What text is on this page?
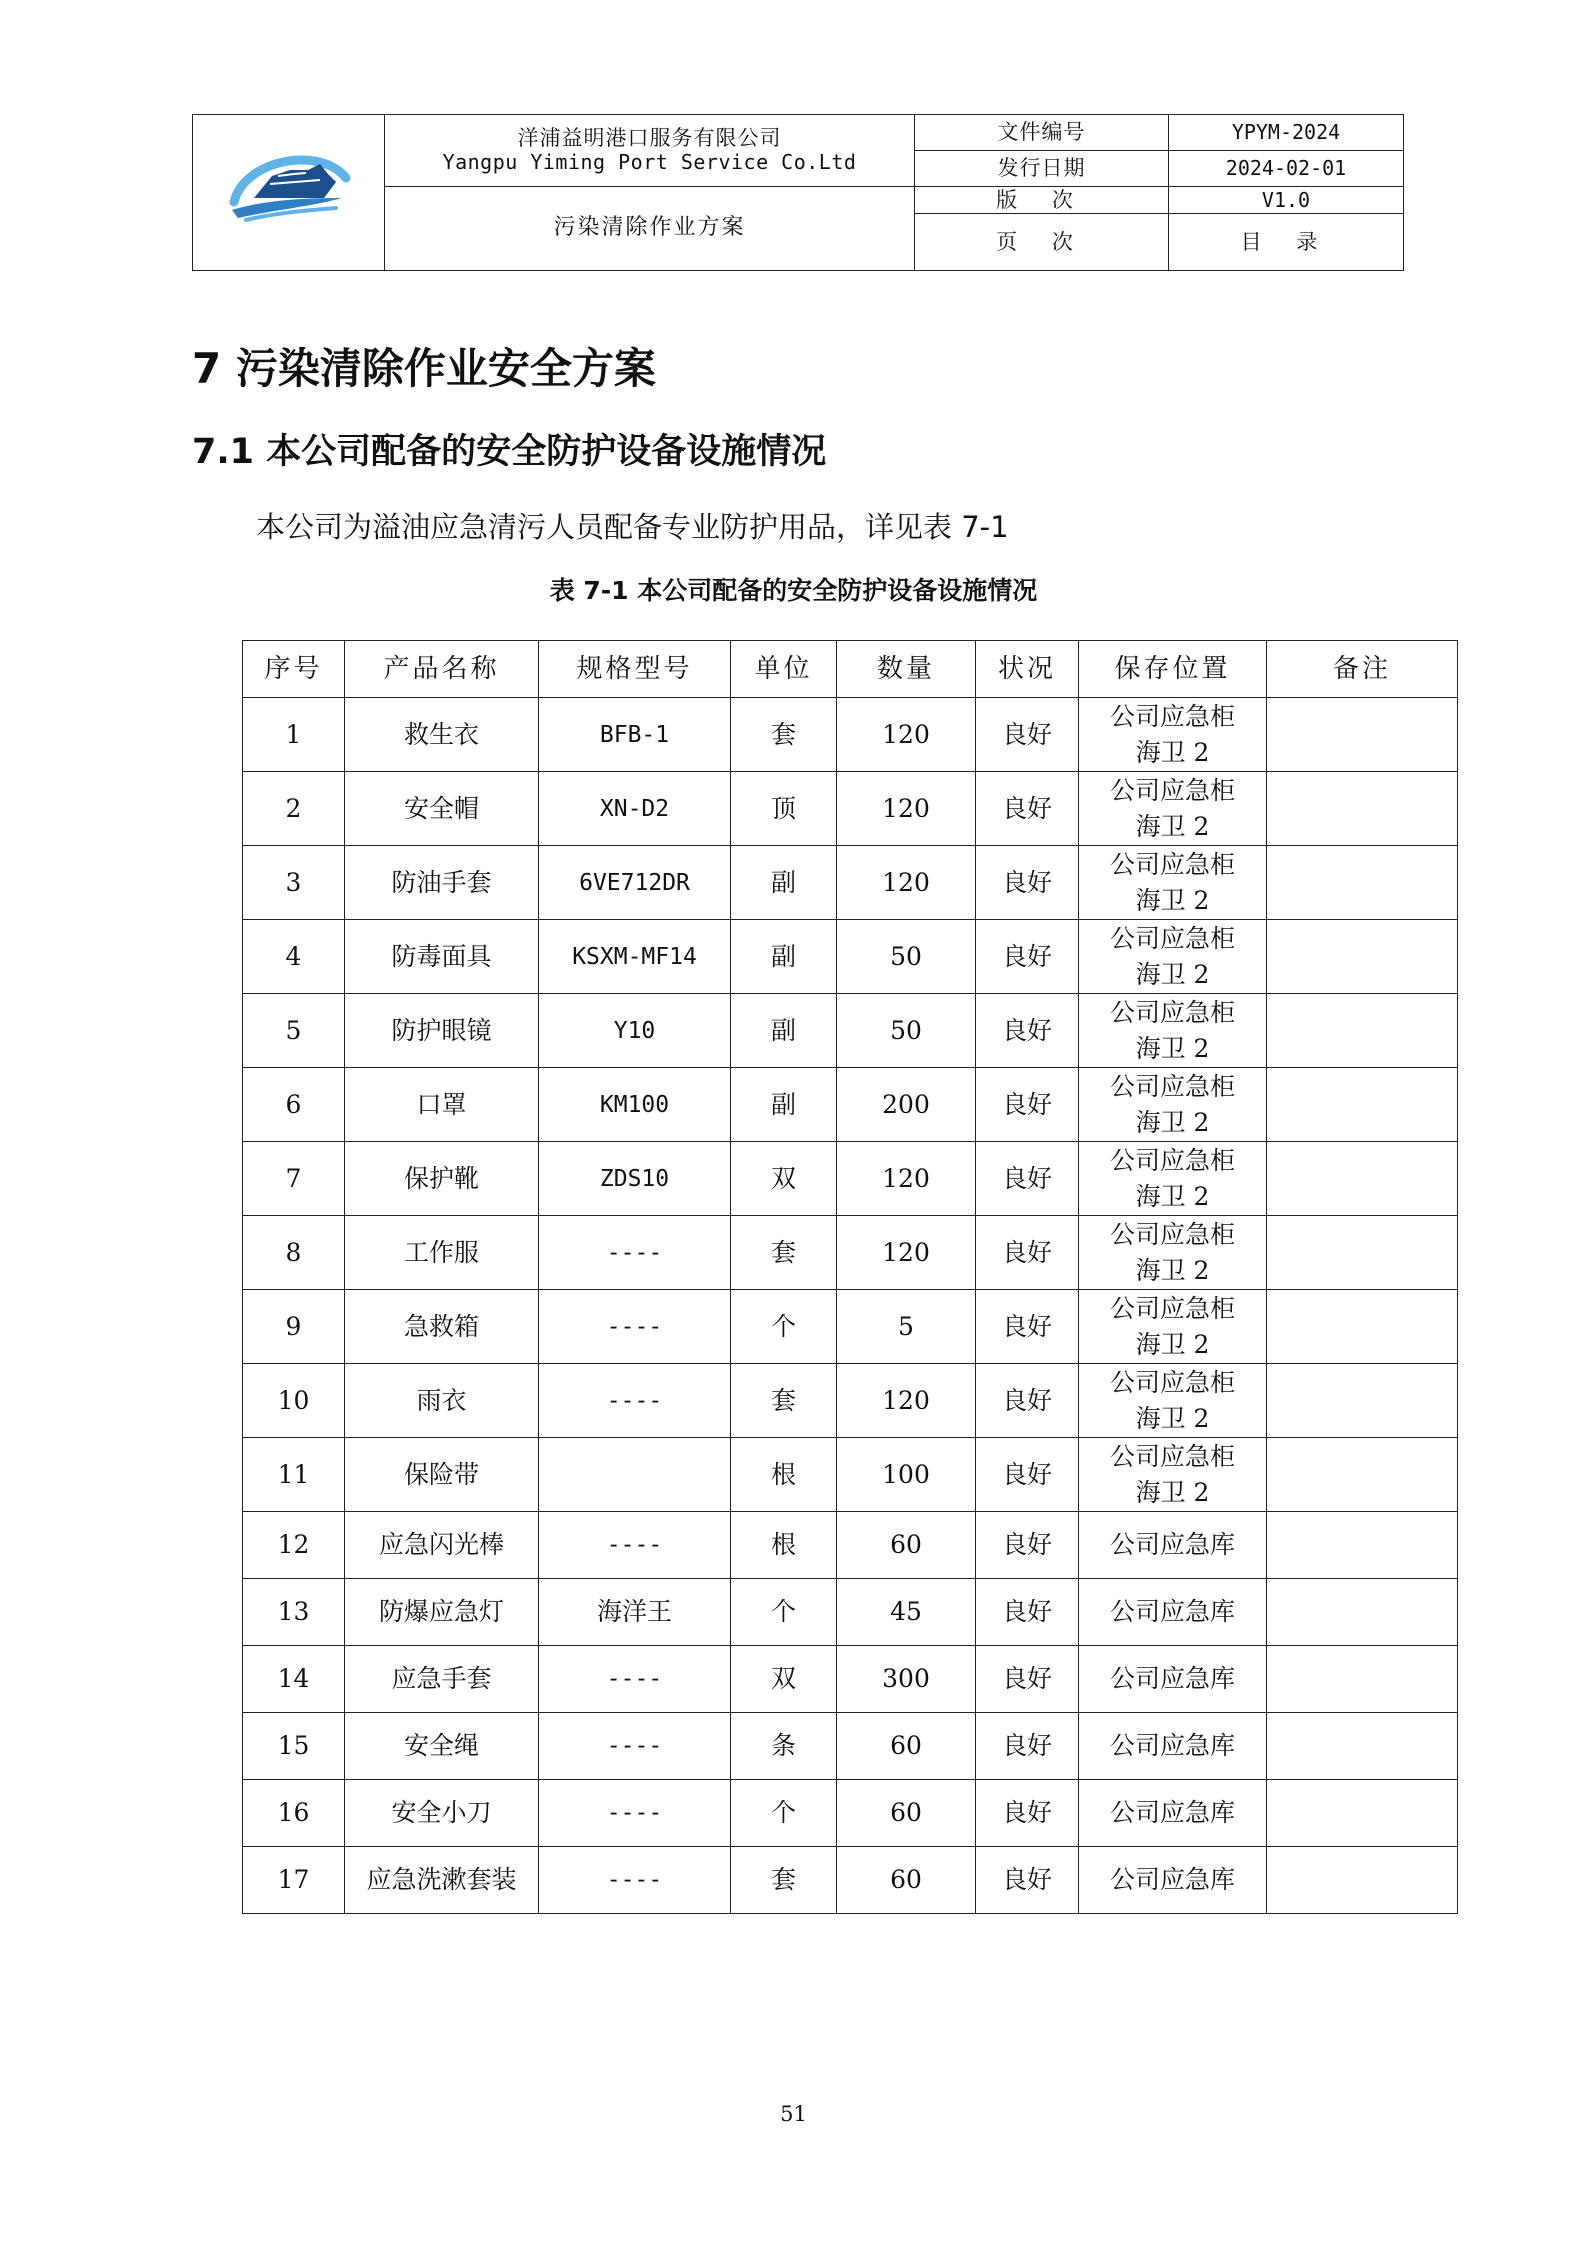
洋浦益明港口服务有限公司
Yangpu Yiming Port Service Co.Ltd	文件编号	YPYM-2024
		发行日期	2024-02-01
	污染清除作业方案	版 次	V1.0
		页 次	目 录
7 污染清除作业安全方案
7.1 本公司配备的安全防护设备设施情况

本公司为溢油应急清污人员配备专业防护用品，详见表 7-1

表 7-1 本公司配备的安全防护设备设施情况

序号	产品名称	规格型号	单位	数量	状况	保存位置	备注
1	救生衣	BFB-1	套	120	良好	公司应急柜
海卫 2	

2	安全帽	XN-D2	顶	120	良好	公司应急柜
海卫 2	

3	防油手套	6VE712DR	副	120	良好	公司应急柜
海卫 2	

4	防毒面具	KSXM-MF14	副	50	良好	公司应急柜
海卫 2	

5	防护眼镜	Y10	副	50	良好	公司应急柜
海卫 2	

6	口罩	KM100	副	200	良好	公司应急柜
海卫 2	

7	保护靴	ZDS10	双	120	良好	公司应急柜
海卫 2	

8	工作服	----	套	120	良好	公司应急柜
海卫 2	

9	急救箱	----	个	5	良好	公司应急柜
海卫 2	

10	雨衣	----	套	120	良好	公司应急柜
海卫 2	

11	保险带		根	100	良好	公司应急柜
海卫 2	

12	应急闪光棒	----	根	60	良好	公司应急库	

13	防爆应急灯	海洋王	个	45	良好	公司应急库	

14	应急手套	----	双	300	良好	公司应急库	

15	安全绳	----	条	60	良好	公司应急库	

16	安全小刀	----	个	60	良好	公司应急库	

17	应急洗漱套装	----	套	60	良好	公司应急库	

51
